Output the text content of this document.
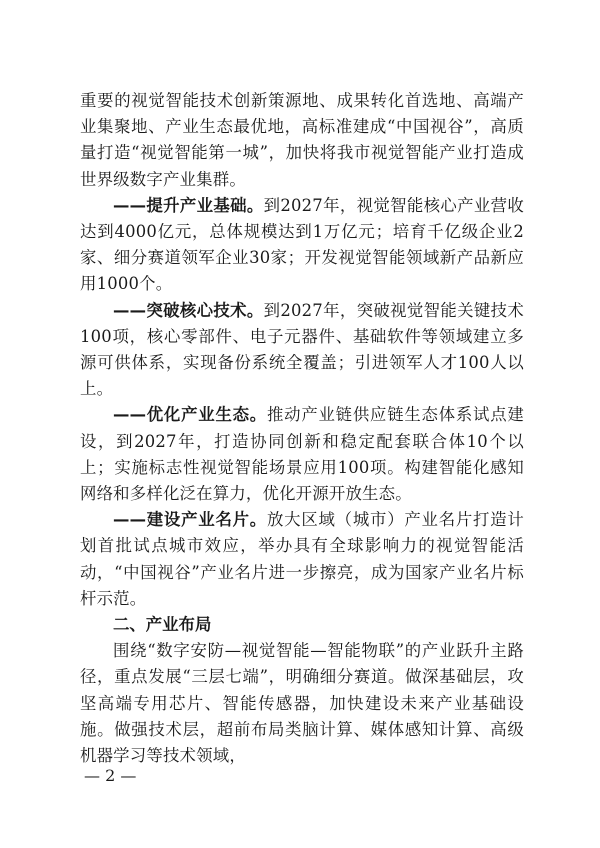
重要的视觉智能技术创新策源地、成果转化首选地、高端产业集聚地、产业生态最优地，高标准建成“中国视谷”，高质量打造“视觉智能第一城”，加快将我市视觉智能产业打造成世界级数字产业集群。

——提升产业基础。到2027年，视觉智能核心产业营收达到4000亿元，总体规模达到1万亿元；培育千亿级企业2家、细分赛道领军企业30家；开发视觉智能领域新产品新应用1000个。

——突破核心技术。到2027年，突破视觉智能关键技术100项，核心零部件、电子元器件、基础软件等领域建立多源可供体系，实现备份系统全覆盖；引进领军人才100人以上。

——优化产业生态。推动产业链供应链生态体系试点建设，到2027年，打造协同创新和稳定配套联合体10个以上；实施标志性视觉智能场景应用100项。构建智能化感知网络和多样化泛在算力，优化开源开放生态。

——建设产业名片。放大区域（城市）产业名片打造计划首批试点城市效应，举办具有全球影响力的视觉智能活动，“中国视谷”产业名片进一步擦亮，成为国家产业名片标杆示范。

二、产业布局

围绕“数字安防—视觉智能—智能物联”的产业跃升主路径，重点发展“三层七端”，明确细分赛道。做深基础层，攻坚高端专用芯片、智能传感器，加快建设未来产业基础设施。做强技术层，超前布局类脑计算、媒体感知计算、高级机器学习等技术领域，

— 2 —
